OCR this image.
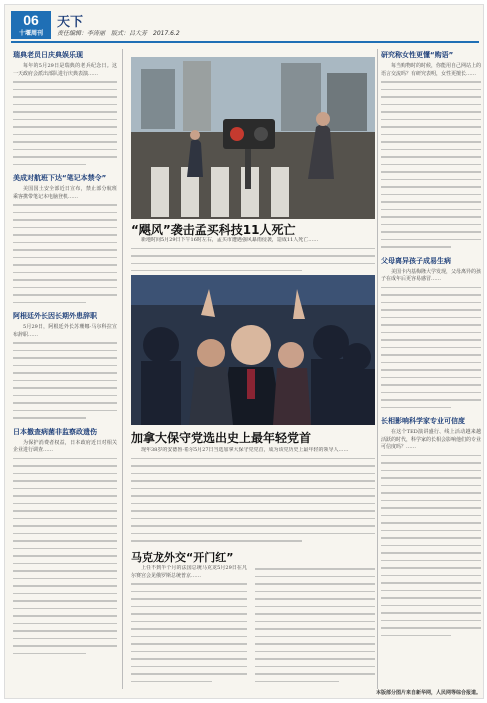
06
十堰周刊
天下
责任编辑：李涛丽　版式：吕大芳　2017.6.2
瑞典老员日庆典娱乐现
每年的5月29日是瑞典的老兵纪念日。这一天政府会派出部队进行庆典表演……
美成对航班下达“笔记本禁令”
美国国土安全部近日宣布，禁止部分航班乘客携带笔记本电脑登机……
阿根廷外长因长期外患辞职
5月29日，阿根廷外长苏珊娜·马尔科拉宣布辞职……
日本撤查病菌非监察政遗伤
为保护消费者权益，日本政府近日对相关企业进行调查……
“飓风”袭击孟买科技11人死亡
新地时间5月29日下午16时左右，孟买市遭遇强风暴雨侵袭，造成11人死亡……
加拿大保守党选出史上最年轻党首
现年38岁的安德鲁·希尔5月27日当选加拿大保守党党首，成为该党历史上最年轻的领导人……
马克龙外交“开门红”
上任不到半个月的法国总统马克龙5月29日在凡尔赛宫会见俄罗斯总统普京……
研究称女性更懂“购语”
每当购物时的时候，你能用自己网站上的语言交流吗？有研究表明，女性更擅长……
父母离异孩子成易生病
美国卡内基梅隆大学发现，父母离异的孩子在成年后更容易感冒……
长相影响科学家专业可信度
在这个TED演讲盛行、线上活动越来越活跃的时代，科学家的长相会影响他们的专业可信度吗？……
本版部分图片来自新华网，人民网等综合报道。
